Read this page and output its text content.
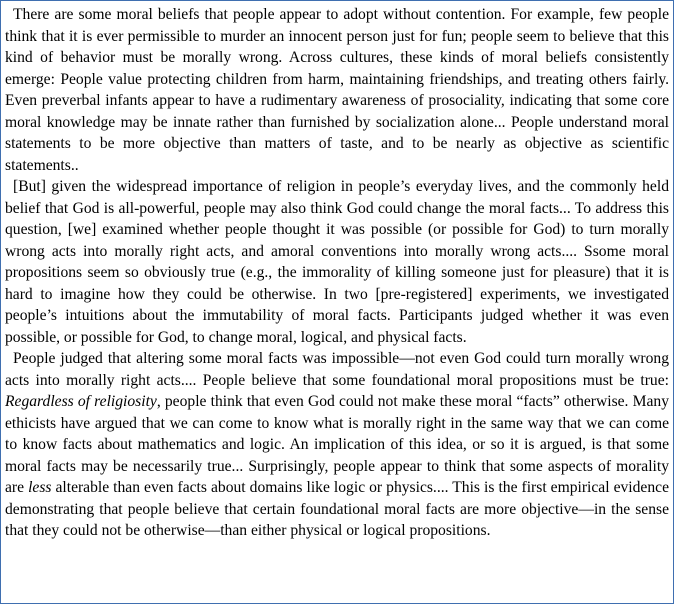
There are some moral beliefs that people appear to adopt without contention. For example, few people think that it is ever permissible to murder an innocent person just for fun; people seem to believe that this kind of behavior must be morally wrong. Across cultures, these kinds of moral beliefs consistently emerge: People value protecting children from harm, maintaining friendships, and treating others fairly. Even preverbal infants appear to have a rudimentary awareness of prosociality, indicating that some core moral knowledge may be innate rather than furnished by socialization alone... People understand moral statements to be more objective than matters of taste, and to be nearly as objective as scientific statements..

[But] given the widespread importance of religion in people’s everyday lives, and the commonly held belief that God is all-powerful, people may also think God could change the moral facts... To address this question, [we] examined whether people thought it was possible (or possible for God) to turn morally wrong acts into morally right acts, and amoral conventions into morally wrong acts.... Ssome moral propositions seem so obviously true (e.g., the immorality of killing someone just for pleasure) that it is hard to imagine how they could be otherwise. In two [pre-registered] experiments, we investigated people’s intuitions about the immutability of moral facts. Participants judged whether it was even possible, or possible for God, to change moral, logical, and physical facts.

People judged that altering some moral facts was impossible—not even God could turn morally wrong acts into morally right acts.... People believe that some foundational moral propositions must be true: Regardless of religiosity, people think that even God could not make these moral “facts” otherwise. Many ethicists have argued that we can come to know what is morally right in the same way that we can come to know facts about mathematics and logic. An implication of this idea, or so it is argued, is that some moral facts may be necessarily true... Surprisingly, people appear to think that some aspects of morality are less alterable than even facts about domains like logic or physics.... This is the first empirical evidence demonstrating that people believe that certain foundational moral facts are more objective—in the sense that they could not be otherwise—than either physical or logical propositions.
